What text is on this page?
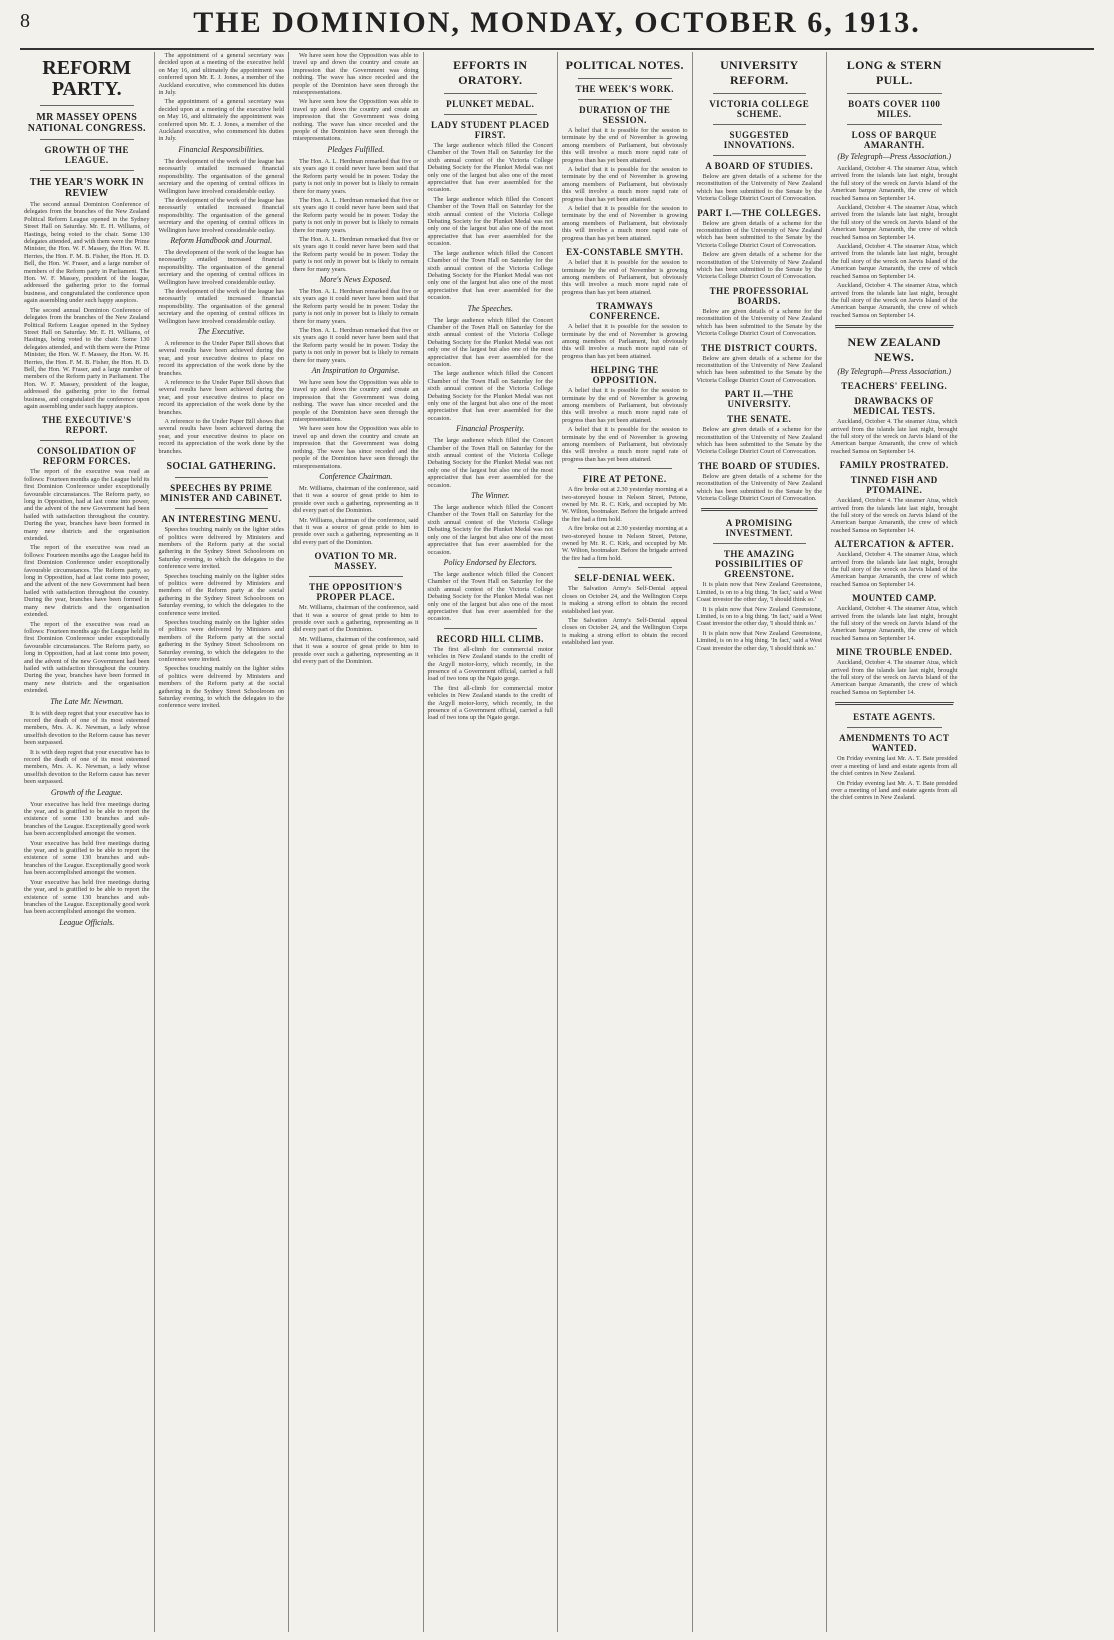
8	THE DOMINION, MONDAY, OCTOBER 6, 1913.
REFORM PARTY.
MR MASSEY OPENS NATIONAL CONGRESS.
GROWTH OF THE LEAGUE.
THE YEAR'S WORK IN REVIEW

The second annual Dominion Conference of delegates from the branches of the New Zealand Political Reform League opened in the Sydney Street Hall on Saturday. Mr. E. H. Williams, of Hastings, being voted to the chair. Some 130 delegates attended, and with them were the Prime Minister, the Hon. W. F. Massey, the Hon. W. H. Herries, the Hon. F. M. B. Fisher, the Hon. H. D. Bell, the Hon. W. Fraser, and a large number of members of the Reform party in Parliament. The Hon. W. F. Massey, president of the league, addressed the gathering prior to the formal business, and congratulated the conference upon again assembling under such happy auspices.

The second annual Dominion Conference of delegates from the branches of the New Zealand Political Reform League opened in the Sydney Street Hall on Saturday. Mr. E. H. Williams, of Hastings, being voted to the chair. Some 130 delegates attended, and with them were the Prime Minister, the Hon. W. F. Massey, the Hon. W. H. Herries, the Hon. F. M. B. Fisher, the Hon. H. D. Bell, the Hon. W. Fraser, and a large number of members of the Reform party in Parliament. The Hon. W. F. Massey, president of the league, addressed the gathering prior to the formal business, and congratulated the conference upon again assembling under such happy auspices.

THE EXECUTIVE'S REPORT.
CONSOLIDATION OF REFORM FORCES.

The report of the executive was read as follows: Fourteen months ago the League held its first Dominion Conference under exceptionally favourable circumstances. The Reform party, so long in Opposition, had at last come into power, and the advent of the new Government had been hailed with satisfaction throughout the country. During the year, branches have been formed in many new districts and the organisation extended.

The report of the executive was read as follows: Fourteen months ago the League held its first Dominion Conference under exceptionally favourable circumstances. The Reform party, so long in Opposition, had at last come into power, and the advent of the new Government had been hailed with satisfaction throughout the country. During the year, branches have been formed in many new districts and the organisation extended.

The report of the executive was read as follows: Fourteen months ago the League held its first Dominion Conference under exceptionally favourable circumstances. The Reform party, so long in Opposition, had at last come into power, and the advent of the new Government had been hailed with satisfaction throughout the country. During the year, branches have been formed in many new districts and the organisation extended.

The Late Mr. Newman.

It is with deep regret that your executive has to record the death of one of its most esteemed members, Mrs. A. K. Newman, a lady whose unselfish devotion to the Reform cause has never been surpassed.

It is with deep regret that your executive has to record the death of one of its most esteemed members, Mrs. A. K. Newman, a lady whose unselfish devotion to the Reform cause has never been surpassed.

Growth of the League.

Your executive has held five meetings during the year, and is gratified to be able to report the existence of some 130 branches and sub-branches of the League. Exceptionally good work has been accomplished amongst the women.

Your executive has held five meetings during the year, and is gratified to be able to report the existence of some 130 branches and sub-branches of the League. Exceptionally good work has been accomplished amongst the women.

Your executive has held five meetings during the year, and is gratified to be able to report the existence of some 130 branches and sub-branches of the League. Exceptionally good work has been accomplished amongst the women.

League Officials.

The appointment of a general secretary was decided upon at a meeting of the executive held on May 16, and ultimately the appointment was conferred upon Mr. E. J. Jones, a member of the Auckland executive, who commenced his duties in July.

The appointment of a general secretary was decided upon at a meeting of the executive held on May 16, and ultimately the appointment was conferred upon Mr. E. J. Jones, a member of the Auckland executive, who commenced his duties in July.

Financial Responsibilities.

The development of the work of the league has necessarily entailed increased financial responsibility. The organisation of the general secretary and the opening of central offices in Wellington have involved considerable outlay.

The development of the work of the league has necessarily entailed increased financial responsibility. The organisation of the general secretary and the opening of central offices in Wellington have involved considerable outlay.

Reform Handbook and Journal.

The development of the work of the league has necessarily entailed increased financial responsibility. The organisation of the general secretary and the opening of central offices in Wellington have involved considerable outlay.

The development of the work of the league has necessarily entailed increased financial responsibility. The organisation of the general secretary and the opening of central offices in Wellington have involved considerable outlay.

The Executive.

A reference to the Under Paper Bill shows that several results have been achieved during the year, and your executive desires to place on record its appreciation of the work done by the branches.

A reference to the Under Paper Bill shows that several results have been achieved during the year, and your executive desires to place on record its appreciation of the work done by the branches.

A reference to the Under Paper Bill shows that several results have been achieved during the year, and your executive desires to place on record its appreciation of the work done by the branches.

SOCIAL GATHERING.
SPEECHES BY PRIME MINISTER AND CABINET.
AN INTERESTING MENU.

Speeches touching mainly on the lighter sides of politics were delivered by Ministers and members of the Reform party at the social gathering in the Sydney Street Schoolroom on Saturday evening, to which the delegates to the conference were invited.

Speeches touching mainly on the lighter sides of politics were delivered by Ministers and members of the Reform party at the social gathering in the Sydney Street Schoolroom on Saturday evening, to which the delegates to the conference were invited.

Speeches touching mainly on the lighter sides of politics were delivered by Ministers and members of the Reform party at the social gathering in the Sydney Street Schoolroom on Saturday evening, to which the delegates to the conference were invited.

Speeches touching mainly on the lighter sides of politics were delivered by Ministers and members of the Reform party at the social gathering in the Sydney Street Schoolroom on Saturday evening, to which the delegates to the conference were invited.

We have seen how the Opposition was able to travel up and down the country and create an impression that the Government was doing nothing. The wave has since receded and the people of the Dominion have seen through the misrepresentations.

We have seen how the Opposition was able to travel up and down the country and create an impression that the Government was doing nothing. The wave has since receded and the people of the Dominion have seen through the misrepresentations.

Pledges Fulfilled.

The Hon. A. L. Herdman remarked that five or six years ago it could never have been said that the Reform party would be in power. Today the party is not only in power but is likely to remain there for many years.

The Hon. A. L. Herdman remarked that five or six years ago it could never have been said that the Reform party would be in power. Today the party is not only in power but is likely to remain there for many years.

The Hon. A. L. Herdman remarked that five or six years ago it could never have been said that the Reform party would be in power. Today the party is not only in power but is likely to remain there for many years.

More's News Exposed.

The Hon. A. L. Herdman remarked that five or six years ago it could never have been said that the Reform party would be in power. Today the party is not only in power but is likely to remain there for many years.

The Hon. A. L. Herdman remarked that five or six years ago it could never have been said that the Reform party would be in power. Today the party is not only in power but is likely to remain there for many years.

An Inspiration to Organise.

We have seen how the Opposition was able to travel up and down the country and create an impression that the Government was doing nothing. The wave has since receded and the people of the Dominion have seen through the misrepresentations.

We have seen how the Opposition was able to travel up and down the country and create an impression that the Government was doing nothing. The wave has since receded and the people of the Dominion have seen through the misrepresentations.

Conference Chairman.

Mr. Williams, chairman of the conference, said that it was a source of great pride to him to preside over such a gathering, representing as it did every part of the Dominion.

Mr. Williams, chairman of the conference, said that it was a source of great pride to him to preside over such a gathering, representing as it did every part of the Dominion.

OVATION TO MR. MASSEY.
THE OPPOSITION'S PROPER PLACE.

Mr. Williams, chairman of the conference, said that it was a source of great pride to him to preside over such a gathering, representing as it did every part of the Dominion.

Mr. Williams, chairman of the conference, said that it was a source of great pride to him to preside over such a gathering, representing as it did every part of the Dominion.

EFFORTS IN ORATORY.
PLUNKET MEDAL.
LADY STUDENT PLACED FIRST.

The large audience which filled the Concert Chamber of the Town Hall on Saturday for the sixth annual contest of the Victoria College Debating Society for the Plunket Medal was not only one of the largest but also one of the most appreciative that has ever assembled for the occasion.

The large audience which filled the Concert Chamber of the Town Hall on Saturday for the sixth annual contest of the Victoria College Debating Society for the Plunket Medal was not only one of the largest but also one of the most appreciative that has ever assembled for the occasion.

The large audience which filled the Concert Chamber of the Town Hall on Saturday for the sixth annual contest of the Victoria College Debating Society for the Plunket Medal was not only one of the largest but also one of the most appreciative that has ever assembled for the occasion.

The Speeches.

The large audience which filled the Concert Chamber of the Town Hall on Saturday for the sixth annual contest of the Victoria College Debating Society for the Plunket Medal was not only one of the largest but also one of the most appreciative that has ever assembled for the occasion.

The large audience which filled the Concert Chamber of the Town Hall on Saturday for the sixth annual contest of the Victoria College Debating Society for the Plunket Medal was not only one of the largest but also one of the most appreciative that has ever assembled for the occasion.

Financial Prosperity.

The large audience which filled the Concert Chamber of the Town Hall on Saturday for the sixth annual contest of the Victoria College Debating Society for the Plunket Medal was not only one of the largest but also one of the most appreciative that has ever assembled for the occasion.

The Winner.

The large audience which filled the Concert Chamber of the Town Hall on Saturday for the sixth annual contest of the Victoria College Debating Society for the Plunket Medal was not only one of the largest but also one of the most appreciative that has ever assembled for the occasion.

Policy Endorsed by Electors.

The large audience which filled the Concert Chamber of the Town Hall on Saturday for the sixth annual contest of the Victoria College Debating Society for the Plunket Medal was not only one of the largest but also one of the most appreciative that has ever assembled for the occasion.

RECORD HILL CLIMB.

The first all-climb for commercial motor vehicles in New Zealand stands to the credit of the Argyll motor-lorry, which recently, in the presence of a Government official, carried a full load of two tons up the Ngaio gorge.

The first all-climb for commercial motor vehicles in New Zealand stands to the credit of the Argyll motor-lorry, which recently, in the presence of a Government official, carried a full load of two tons up the Ngaio gorge.

POLITICAL NOTES.
THE WEEK'S WORK.
DURATION OF THE SESSION.

A belief that it is possible for the session to terminate by the end of November is growing among members of Parliament, but obviously this will involve a much more rapid rate of progress than has yet been attained.

A belief that it is possible for the session to terminate by the end of November is growing among members of Parliament, but obviously this will involve a much more rapid rate of progress than has yet been attained.

A belief that it is possible for the session to terminate by the end of November is growing among members of Parliament, but obviously this will involve a much more rapid rate of progress than has yet been attained.

EX-CONSTABLE SMYTH.

A belief that it is possible for the session to terminate by the end of November is growing among members of Parliament, but obviously this will involve a much more rapid rate of progress than has yet been attained.

TRAMWAYS CONFERENCE.

A belief that it is possible for the session to terminate by the end of November is growing among members of Parliament, but obviously this will involve a much more rapid rate of progress than has yet been attained.

HELPING THE OPPOSITION.

A belief that it is possible for the session to terminate by the end of November is growing among members of Parliament, but obviously this will involve a much more rapid rate of progress than has yet been attained.

A belief that it is possible for the session to terminate by the end of November is growing among members of Parliament, but obviously this will involve a much more rapid rate of progress than has yet been attained.

FIRE AT PETONE.

A fire broke out at 2.30 yesterday morning at a two-storeyed house in Nelson Street, Petone, owned by Mr. R. C. Kirk, and occupied by Mr. W. Wilton, bootmaker. Before the brigade arrived the fire had a firm hold.

A fire broke out at 2.30 yesterday morning at a two-storeyed house in Nelson Street, Petone, owned by Mr. R. C. Kirk, and occupied by Mr. W. Wilton, bootmaker. Before the brigade arrived the fire had a firm hold.

SELF-DENIAL WEEK.

The Salvation Army's Self-Denial appeal closes on October 24, and the Wellington Corps is making a strong effort to obtain the record established last year.

The Salvation Army's Self-Denial appeal closes on October 24, and the Wellington Corps is making a strong effort to obtain the record established last year.

UNIVERSITY REFORM.
VICTORIA COLLEGE SCHEME.
SUGGESTED INNOVATIONS.
A BOARD OF STUDIES.

Below are given details of a scheme for the reconstitution of the University of New Zealand which has been submitted to the Senate by the Victoria College District Court of Convocation.

PART I.—THE COLLEGES.

Below are given details of a scheme for the reconstitution of the University of New Zealand which has been submitted to the Senate by the Victoria College District Court of Convocation.

Below are given details of a scheme for the reconstitution of the University of New Zealand which has been submitted to the Senate by the Victoria College District Court of Convocation.

THE PROFESSORIAL BOARDS.

Below are given details of a scheme for the reconstitution of the University of New Zealand which has been submitted to the Senate by the Victoria College District Court of Convocation.

THE DISTRICT COURTS.

Below are given details of a scheme for the reconstitution of the University of New Zealand which has been submitted to the Senate by the Victoria College District Court of Convocation.

PART II.—THE UNIVERSITY.
THE SENATE.

Below are given details of a scheme for the reconstitution of the University of New Zealand which has been submitted to the Senate by the Victoria College District Court of Convocation.

THE BOARD OF STUDIES.

Below are given details of a scheme for the reconstitution of the University of New Zealand which has been submitted to the Senate by the Victoria College District Court of Convocation.

A PROMISING INVESTMENT.
THE AMAZING POSSIBILITIES OF GREENSTONE.

It is plain now that New Zealand Greenstone, Limited, is on to a big thing. 'In fact,' said a West Coast investor the other day, 'I should think so.'

It is plain now that New Zealand Greenstone, Limited, is on to a big thing. 'In fact,' said a West Coast investor the other day, 'I should think so.'

It is plain now that New Zealand Greenstone, Limited, is on to a big thing. 'In fact,' said a West Coast investor the other day, 'I should think so.'

LONG & STERN PULL.
BOATS COVER 1100 MILES.
LOSS OF BARQUE AMARANTH.
(By Telegraph—Press Association.)

Auckland, October 4. The steamer Atua, which arrived from the islands late last night, brought the full story of the wreck on Jarvis Island of the American barque Amaranth, the crew of which reached Samoa on September 14.

Auckland, October 4. The steamer Atua, which arrived from the islands late last night, brought the full story of the wreck on Jarvis Island of the American barque Amaranth, the crew of which reached Samoa on September 14.

Auckland, October 4. The steamer Atua, which arrived from the islands late last night, brought the full story of the wreck on Jarvis Island of the American barque Amaranth, the crew of which reached Samoa on September 14.

Auckland, October 4. The steamer Atua, which arrived from the islands late last night, brought the full story of the wreck on Jarvis Island of the American barque Amaranth, the crew of which reached Samoa on September 14.

NEW ZEALAND NEWS.
(By Telegraph—Press Association.)
TEACHERS' FEELING.
DRAWBACKS OF MEDICAL TESTS.

Auckland, October 4. The steamer Atua, which arrived from the islands late last night, brought the full story of the wreck on Jarvis Island of the American barque Amaranth, the crew of which reached Samoa on September 14.

FAMILY PROSTRATED.
TINNED FISH AND PTOMAINE.

Auckland, October 4. The steamer Atua, which arrived from the islands late last night, brought the full story of the wreck on Jarvis Island of the American barque Amaranth, the crew of which reached Samoa on September 14.

ALTERCATION & AFTER.

Auckland, October 4. The steamer Atua, which arrived from the islands late last night, brought the full story of the wreck on Jarvis Island of the American barque Amaranth, the crew of which reached Samoa on September 14.

MOUNTED CAMP.

Auckland, October 4. The steamer Atua, which arrived from the islands late last night, brought the full story of the wreck on Jarvis Island of the American barque Amaranth, the crew of which reached Samoa on September 14.

MINE TROUBLE ENDED.

Auckland, October 4. The steamer Atua, which arrived from the islands late last night, brought the full story of the wreck on Jarvis Island of the American barque Amaranth, the crew of which reached Samoa on September 14.

ESTATE AGENTS.
AMENDMENTS TO ACT WANTED.

On Friday evening last Mr. A. T. Bate presided over a meeting of land and estate agents from all the chief centres in New Zealand.

On Friday evening last Mr. A. T. Bate presided over a meeting of land and estate agents from all the chief centres in New Zealand.
